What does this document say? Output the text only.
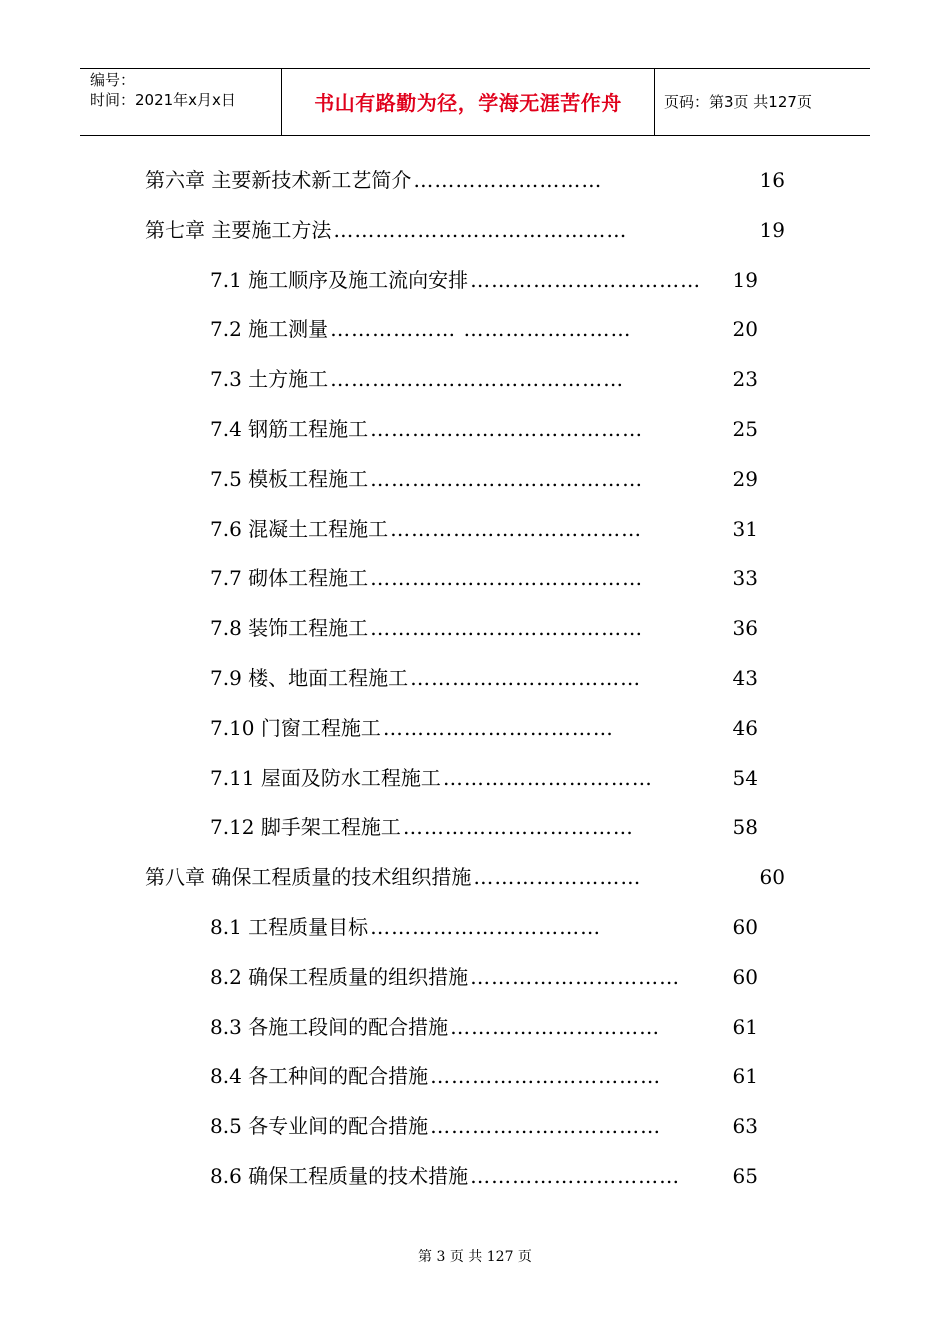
编号：
时间：2021年x月x日	书山有路勤为径，学海无涯苦作舟	页码：第3页 共127页
第六章 主要新技术新工艺简介 ………………………	16
第七章 主要施工方法 ……………………………………	19
7.1 施工顺序及施工流向安排 ……………………………	19
7.2 施工测量 ……………… ……………………	20
7.3 土方施工 ……………………………………	23
7.4 钢筋工程施工 …………………………………	25
7.5 模板工程施工 …………………………………	29
7.6 混凝土工程施工 ………………………………	31
7.7 砌体工程施工 …………………………………	33
7.8 装饰工程施工 …………………………………	36
7.9 楼、地面工程施工 ……………………………	43
7.10 门窗工程施工 ……………………………	46
7.11 屋面及防水工程施工 …………………………	54
7.12 脚手架工程施工 ……………………………	58
第八章 确保工程质量的技术组织措施 ……………………	60
8.1 工程质量目标 ……………………………	60
8.2 确保工程质量的组织措施 …………………………	60
8.3 各施工段间的配合措施 …………………………	61
8.4 各工种间的配合措施 ……………………………	61
8.5 各专业间的配合措施 ……………………………	63
8.6 确保工程质量的技术措施 …………………………	65
第 3 页 共 127 页
